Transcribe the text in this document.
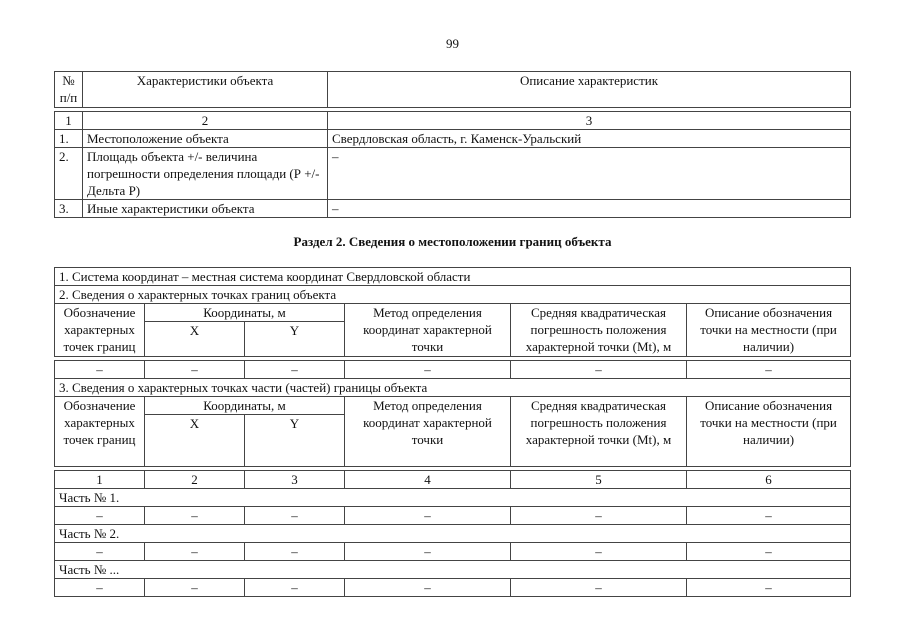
99
№ п/п	Характеристики объекта	Описание характеристик

1	2	3
1.	Местоположение объекта	Свердловская область, г. Каменск-Уральский
2.	Площадь объекта +/- величина погрешности определения площади (Р +/- Дельта Р)	–
3.	Иные характеристики объекта	–
Раздел 2. Сведения о местоположении границ объекта
1. Система координат – местная система координат Свердловской области					
2. Сведения о характерных точках границ объекта					
Обозначение характерных точек границ	Координаты, м		Метод определения координат характерной точки	Средняя квадратическая погрешность положения характерной точки (Mt), м	Описание обозначения точки на местности (при наличии)
	X	Y			

–	–	–	–	–	–
3. Сведения о характерных точках части (частей) границы объекта					
Обозначение характерных точек границ	Координаты, м		Метод определения координат характерной точки	Средняя квадратическая погрешность положения характерной точки (Mt), м	Описание обозначения точки на местности (при наличии)
	X	Y			

1	2	3	4	5	6
Часть № 1.					
–	–	–	–	–	–
Часть № 2.					
–	–	–	–	–	–
Часть № ...					
–	–	–	–	–	–
